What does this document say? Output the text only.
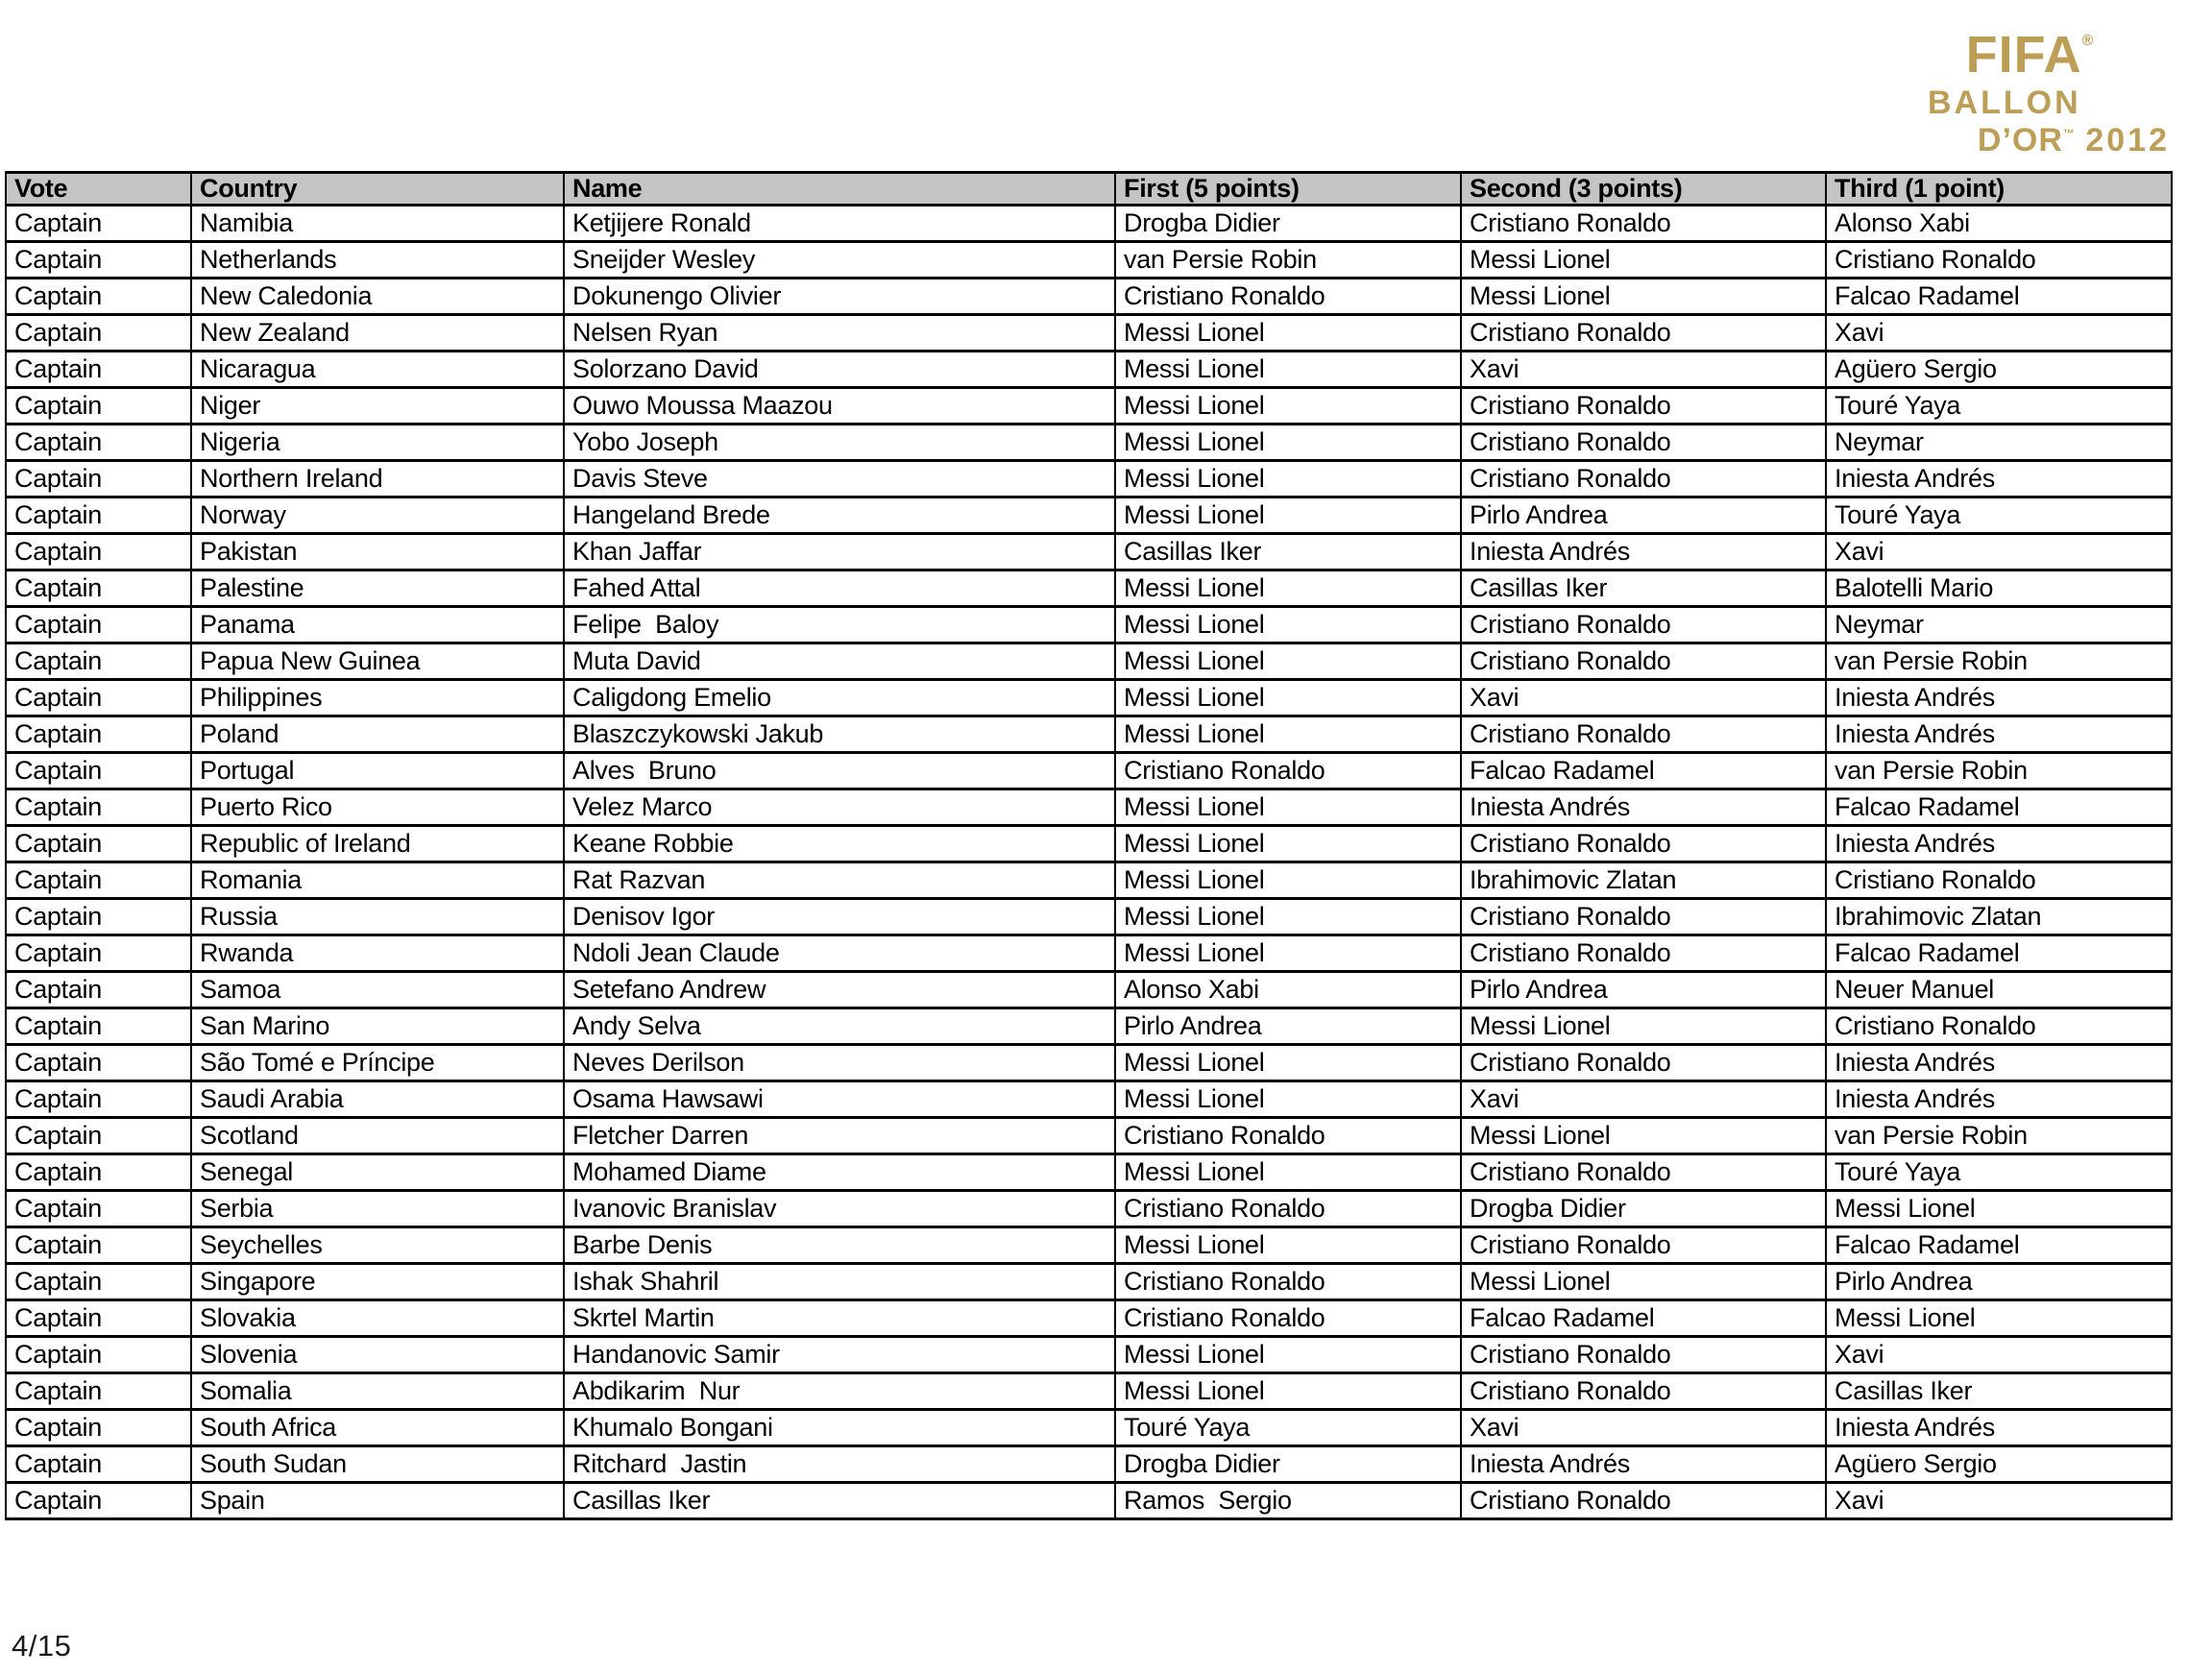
FIFA®
BALLON
D’OR™ 2012
Vote	Country	Name	First (5 points)	Second (3 points)	Third (1 point)
Captain	Namibia	Ketjijere Ronald	Drogba Didier	Cristiano Ronaldo	Alonso Xabi
Captain	Netherlands	Sneijder Wesley	van Persie Robin	Messi Lionel	Cristiano Ronaldo
Captain	New Caledonia	Dokunengo Olivier	Cristiano Ronaldo	Messi Lionel	Falcao Radamel
Captain	New Zealand	Nelsen Ryan	Messi Lionel	Cristiano Ronaldo	Xavi
Captain	Nicaragua	Solorzano David	Messi Lionel	Xavi	Agüero Sergio
Captain	Niger	Ouwo Moussa Maazou	Messi Lionel	Cristiano Ronaldo	Touré Yaya
Captain	Nigeria	Yobo Joseph	Messi Lionel	Cristiano Ronaldo	Neymar
Captain	Northern Ireland	Davis Steve	Messi Lionel	Cristiano Ronaldo	Iniesta Andrés
Captain	Norway	Hangeland Brede	Messi Lionel	Pirlo Andrea	Touré Yaya
Captain	Pakistan	Khan Jaffar	Casillas Iker	Iniesta Andrés	Xavi
Captain	Palestine	Fahed Attal	Messi Lionel	Casillas Iker	Balotelli Mario
Captain	Panama	Felipe  Baloy	Messi Lionel	Cristiano Ronaldo	Neymar
Captain	Papua New Guinea	Muta David	Messi Lionel	Cristiano Ronaldo	van Persie Robin
Captain	Philippines	Caligdong Emelio	Messi Lionel	Xavi	Iniesta Andrés
Captain	Poland	Blaszczykowski Jakub	Messi Lionel	Cristiano Ronaldo	Iniesta Andrés
Captain	Portugal	Alves  Bruno	Cristiano Ronaldo	Falcao Radamel	van Persie Robin
Captain	Puerto Rico	Velez Marco	Messi Lionel	Iniesta Andrés	Falcao Radamel
Captain	Republic of Ireland	Keane Robbie	Messi Lionel	Cristiano Ronaldo	Iniesta Andrés
Captain	Romania	Rat Razvan	Messi Lionel	Ibrahimovic Zlatan	Cristiano Ronaldo
Captain	Russia	Denisov Igor	Messi Lionel	Cristiano Ronaldo	Ibrahimovic Zlatan
Captain	Rwanda	Ndoli Jean Claude	Messi Lionel	Cristiano Ronaldo	Falcao Radamel
Captain	Samoa	Setefano Andrew	Alonso Xabi	Pirlo Andrea	Neuer Manuel
Captain	San Marino	Andy Selva	Pirlo Andrea	Messi Lionel	Cristiano Ronaldo
Captain	São Tomé e Príncipe	Neves Derilson	Messi Lionel	Cristiano Ronaldo	Iniesta Andrés
Captain	Saudi Arabia	Osama Hawsawi	Messi Lionel	Xavi	Iniesta Andrés
Captain	Scotland	Fletcher Darren	Cristiano Ronaldo	Messi Lionel	van Persie Robin
Captain	Senegal	Mohamed Diame	Messi Lionel	Cristiano Ronaldo	Touré Yaya
Captain	Serbia	Ivanovic Branislav	Cristiano Ronaldo	Drogba Didier	Messi Lionel
Captain	Seychelles	Barbe Denis	Messi Lionel	Cristiano Ronaldo	Falcao Radamel
Captain	Singapore	Ishak Shahril	Cristiano Ronaldo	Messi Lionel	Pirlo Andrea
Captain	Slovakia	Skrtel Martin	Cristiano Ronaldo	Falcao Radamel	Messi Lionel
Captain	Slovenia	Handanovic Samir	Messi Lionel	Cristiano Ronaldo	Xavi
Captain	Somalia	Abdikarim  Nur	Messi Lionel	Cristiano Ronaldo	Casillas Iker
Captain	South Africa	Khumalo Bongani	Touré Yaya	Xavi	Iniesta Andrés
Captain	South Sudan	Ritchard  Jastin	Drogba Didier	Iniesta Andrés	Agüero Sergio
Captain	Spain	Casillas Iker	Ramos  Sergio	Cristiano Ronaldo	Xavi
4/15
